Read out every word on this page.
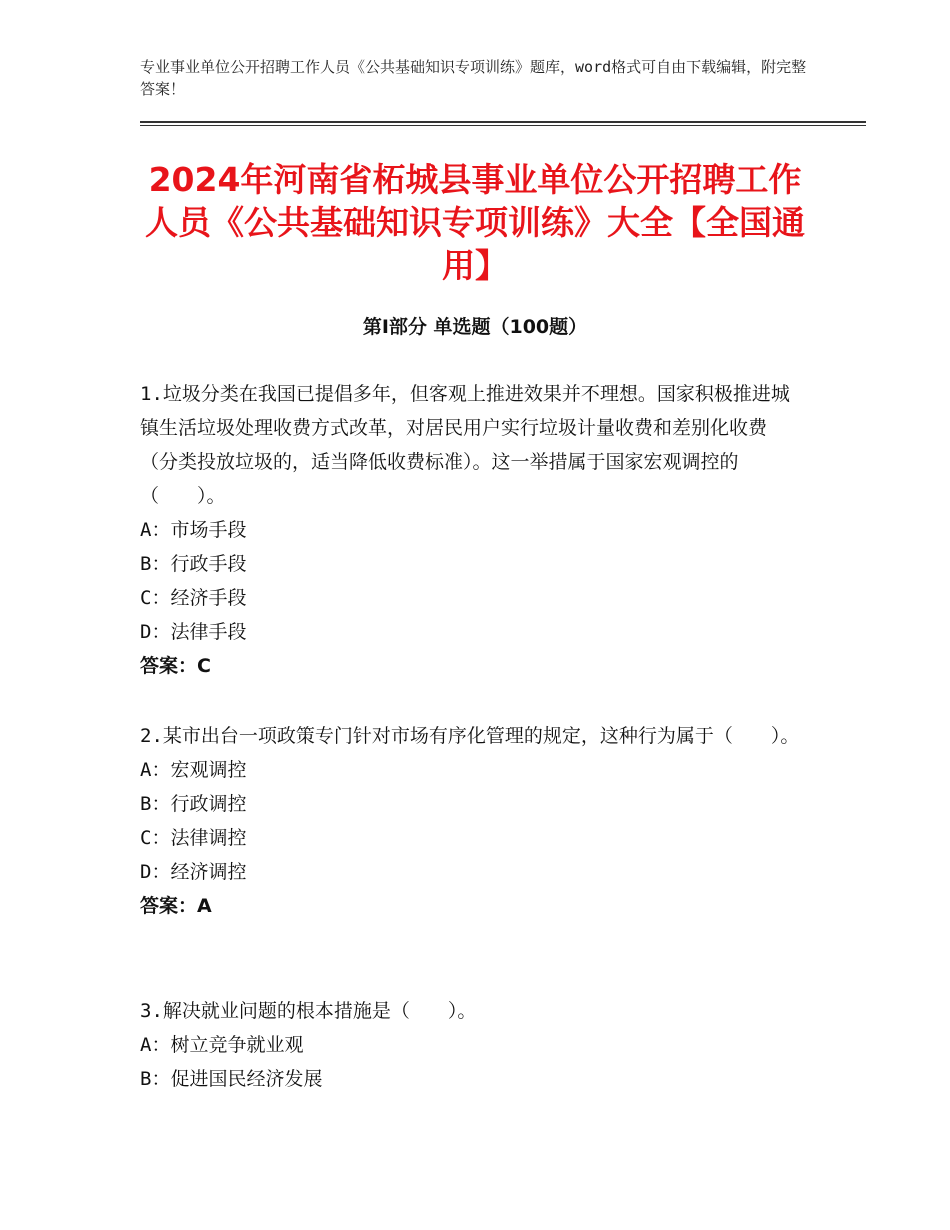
专业事业单位公开招聘工作人员《公共基础知识专项训练》题库，word格式可自由下载编辑，附完整答案！
2024年河南省柘城县事业单位公开招聘工作人员《公共基础知识专项训练》大全【全国通用】
第Ⅰ部分 单选题（100题）

1.垃圾分类在我国已提倡多年，但客观上推进效果并不理想。国家积极推进城镇生活垃圾处理收费方式改革，对居民用户实行垃圾计量收费和差别化收费（分类投放垃圾的，适当降低收费标准）。这一举措属于国家宏观调控的（　　）。

A：市场手段

B：行政手段

C：经济手段

D：法律手段

答案：C

2.某市出台一项政策专门针对市场有序化管理的规定，这种行为属于（　　）。

A：宏观调控

B：行政调控

C：法律调控

D：经济调控

答案：A

3.解决就业问题的根本措施是（　　）。

A：树立竞争就业观

B：促进国民经济发展
